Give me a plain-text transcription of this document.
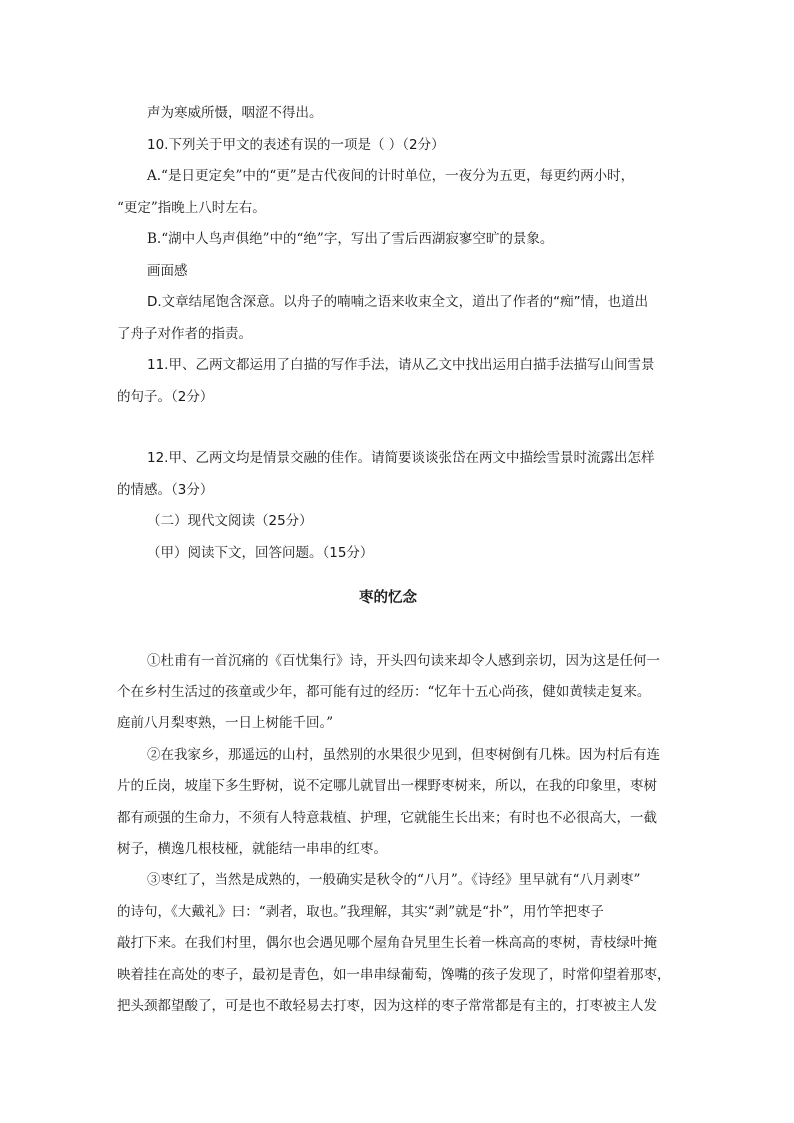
声为寒威所慑，咽涩不得出。
10.下列关于甲文的表述有误的一项是（ ）（2分）
A.“是日更定矣”中的“更”是古代夜间的计时单位，一夜分为五更，每更约两小时，
“更定”指晚上八时左右。
B.“湖中人鸟声俱绝”中的“绝”字，写出了雪后西湖寂寥空旷的景象。
画面感
D.文章结尾饱含深意。以舟子的喃喃之语来收束全文，道出了作者的“痴”情，也道出
了舟子对作者的指责。
11.甲、乙两文都运用了白描的写作手法，请从乙文中找出运用白描手法描写山间雪景
的句子。（2分）
12.甲、乙两文均是情景交融的佳作。请简要谈谈张岱在两文中描绘雪景时流露出怎样
的情感。（3分）
（二）现代文阅读（25分）
（甲）阅读下文，回答问题。（15分）
枣的忆念
①杜甫有一首沉痛的《百忧集行》诗，开头四句读来却令人感到亲切，因为这是任何一
个在乡村生活过的孩童或少年，都可能有过的经历：“忆年十五心尚孩，健如黄犊走复来。
庭前八月梨枣熟，一日上树能千回。”
②在我家乡，那遥远的山村，虽然别的水果很少见到，但枣树倒有几株。因为村后有连
片的丘岗，坡崖下多生野树，说不定哪儿就冒出一棵野枣树来，所以，在我的印象里，枣树
都有顽强的生命力，不须有人特意栽植、护理，它就能生长出来；有时也不必很高大，一截
树子，横逸几根枝桠，就能结一串串的红枣。
③枣红了，当然是成熟的，一般确实是秋令的“八月”。《诗经》里早就有“八月剥枣”
的诗句，《大戴礼》曰：“剥者，取也。”我理解，其实“剥”就是“扑”，用竹竿把枣子
敲打下来。在我们村里，偶尔也会遇见哪个屋角旮旯里生长着一株高高的枣树，青枝绿叶掩
映着挂在高处的枣子，最初是青色，如一串串绿葡萄，馋嘴的孩子发现了，时常仰望着那枣，
把头颈都望酸了，可是也不敢轻易去打枣，因为这样的枣子常常都是有主的，打枣被主人发
